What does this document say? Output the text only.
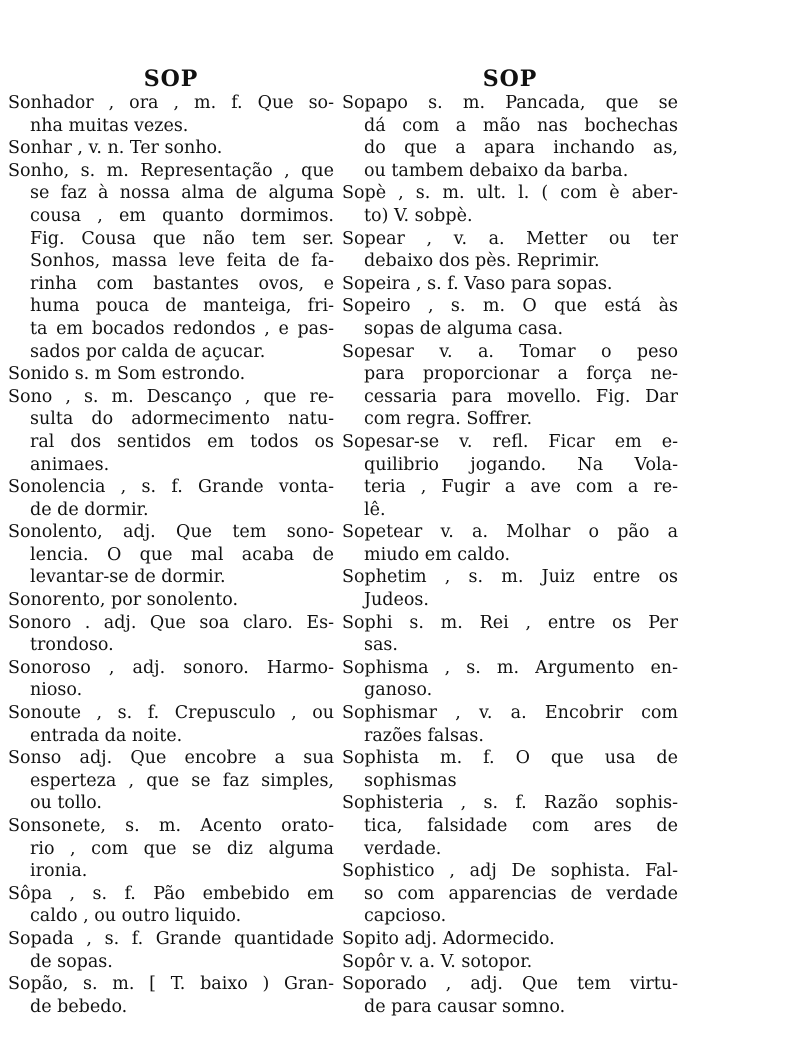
SOP
Sonhador , ora , m. f. Que so-
nha muitas vezes.
Sonhar , v. n. Ter sonho.
Sonho, s. m. Representação , que
se faz à nossa alma de alguma
cousa , em quanto dormimos.
Fig. Cousa que não tem ser.
Sonhos, massa leve feita de fa-
rinha com bastantes ovos, e
huma pouca de manteiga, fri-
ta em bocados redondos , e pas-
sados por calda de açucar.
Sonido s. m Som estrondo.
Sono , s. m. Descanço , que re-
sulta do adormecimento natu-
ral dos sentidos em todos os
animaes.
Sonolencia , s. f. Grande vonta-
de de dormir.
Sonolento, adj. Que tem sono-
lencia. O que mal acaba de
levantar-se de dormir.
Sonorento, por sonolento.
Sonoro . adj. Que soa claro. Es-
trondoso.
Sonoroso , adj. sonoro. Harmo-
nioso.
Sonoute , s. f. Crepusculo , ou
entrada da noite.
Sonso adj. Que encobre a sua
esperteza , que se faz simples,
ou tollo.
Sonsonete, s. m. Acento orato-
rio , com que se diz alguma
ironia.
Sôpa , s. f. Pão embebido em
caldo , ou outro liquido.
Sopada , s. f. Grande quantidade
de sopas.
Sopão, s. m. [ T. baixo ) Gran-
de bebedo.
SOP
Sopapo s. m. Pancada, que se
dá com a mão nas bochechas
do que a apara inchando as,
ou tambem debaixo da barba.
Sopè , s. m. ult. l. ( com è aber-
to) V. sobpè.
Sopear , v. a. Metter ou ter
debaixo dos pès. Reprimir.
Sopeira , s. f. Vaso para sopas.
Sopeiro , s. m. O que está às
sopas de alguma casa.
Sopesar v. a. Tomar o peso
para proporcionar a força ne-
cessaria para movello. Fig. Dar
com regra. Soffrer.
Sopesar-se v. refl. Ficar em e-
quilibrio jogando. Na Vola-
teria , Fugir a ave com a re-
lê.
Sopetear v. a. Molhar o pão a
miudo em caldo.
Sophetim , s. m. Juiz entre os
Judeos.
Sophi s. m. Rei , entre os Per
sas.
Sophisma , s. m. Argumento en-
ganoso.
Sophismar , v. a. Encobrir com
razões falsas.
Sophista m. f. O que usa de
sophismas
Sophisteria , s. f. Razão sophis-
tica, falsidade com ares de
verdade.
Sophistico , adj De sophista. Fal-
so com apparencias de verdade
capcioso.
Sopito adj. Adormecido.
Sopôr v. a. V. sotopor.
Soporado , adj. Que tem virtu-
de para causar somno.
